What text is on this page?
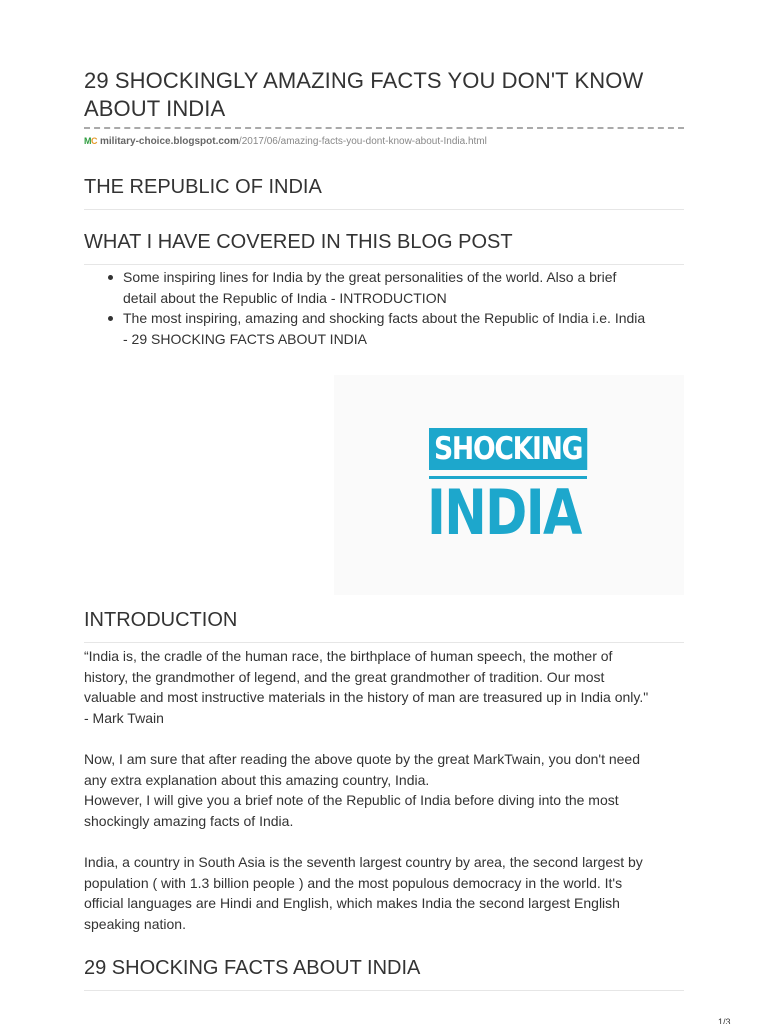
29 SHOCKINGLY AMAZING FACTS YOU DON'T KNOW ABOUT INDIA
MC military-choice.blogspot.com/2017/06/amazing-facts-you-dont-know-about-India.html
THE REPUBLIC OF INDIA
WHAT I HAVE COVERED IN THIS BLOG POST
Some inspiring lines for India by the great personalities of the world. Also a brief
detail about the Republic of India - INTRODUCTION
The most inspiring, amazing and shocking facts about the Republic of India i.e. India
- 29 SHOCKING FACTS ABOUT INDIA
SHOCKING
INDIA
INTRODUCTION
“India is, the cradle of the human race, the birthplace of human speech, the mother of
history, the grandmother of legend, and the great grandmother of tradition. Our most
valuable and most instructive materials in the history of man are treasured up in India only."
- Mark Twain
Now, I am sure that after reading the above quote by the great MarkTwain, you don't need
any extra explanation about this amazing country, India.
However, I will give you a brief note of the Republic of India before diving into the most
shockingly amazing facts of India.
India, a country in South Asia is the seventh largest country by area, the second largest by
population ( with 1.3 billion people ) and the most populous democracy in the world. It's
official languages are Hindi and English, which makes India the second largest English
speaking nation.
29 SHOCKING FACTS ABOUT INDIA
1/3
